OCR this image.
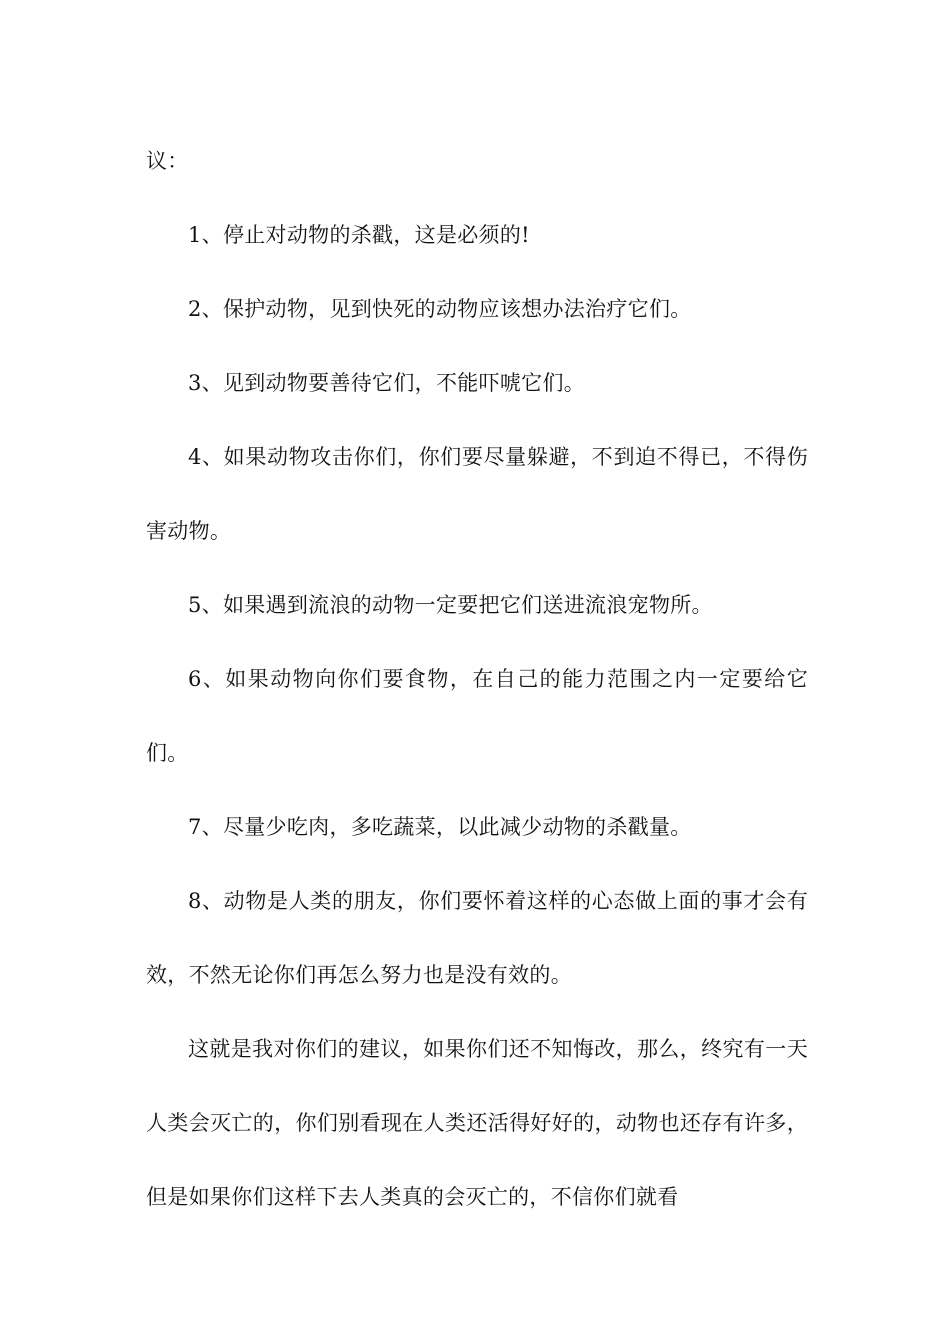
议：

1、停止对动物的杀戳，这是必须的!

2、保护动物，见到快死的动物应该想办法治疗它们。

3、见到动物要善待它们，不能吓唬它们。

4、如果动物攻击你们，你们要尽量躲避，不到迫不得已，不得伤害动物。

5、如果遇到流浪的动物一定要把它们送进流浪宠物所。

6、如果动物向你们要食物，在自己的能力范围之内一定要给它们。

7、尽量少吃肉，多吃蔬菜，以此减少动物的杀戳量。

8、动物是人类的朋友，你们要怀着这样的心态做上面的事才会有效，不然无论你们再怎么努力也是没有效的。

这就是我对你们的建议，如果你们还不知悔改，那么，终究有一天人类会灭亡的，你们别看现在人类还活得好好的，动物也还存有许多，但是如果你们这样下去人类真的会灭亡的，不信你们就看
